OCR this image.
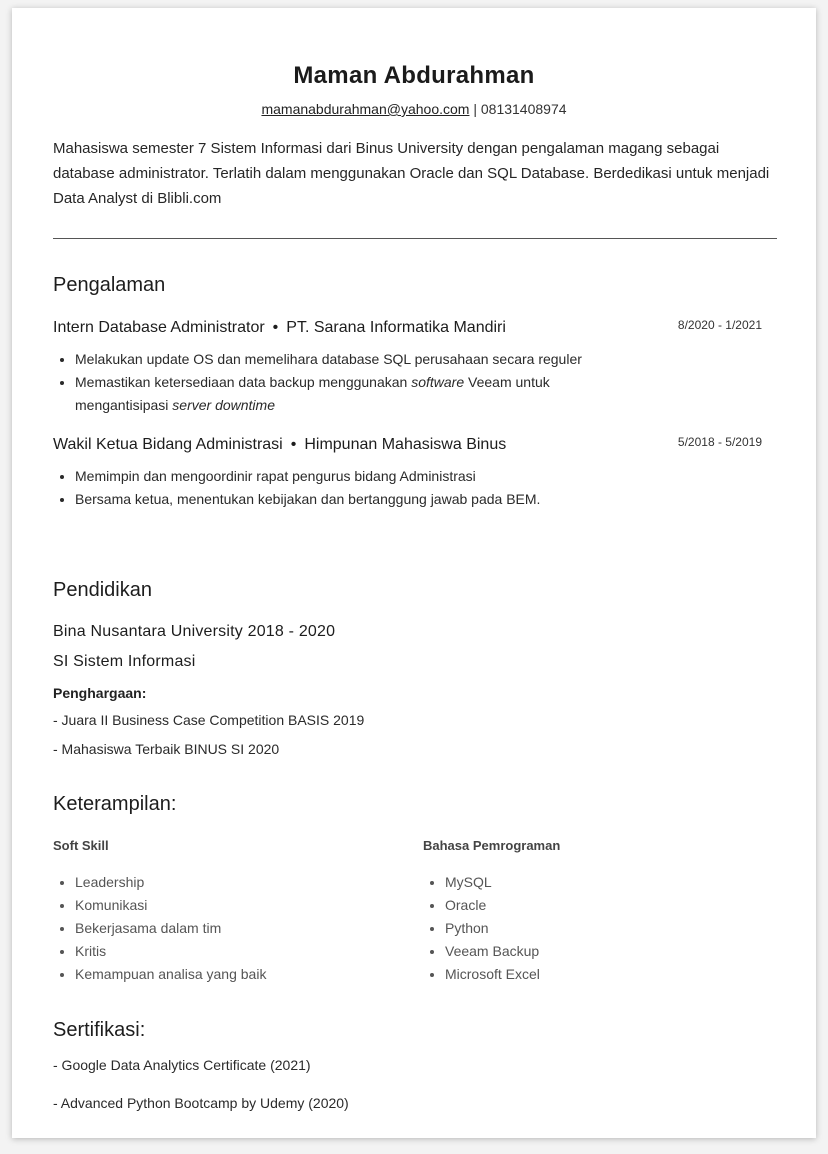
Maman Abdurahman
mamanabdurahman@yahoo.com | 08131408974
Mahasiswa semester 7 Sistem Informasi dari Binus University dengan pengalaman magang sebagai database administrator. Terlatih dalam menggunakan Oracle dan SQL Database. Berdedikasi untuk menjadi Data Analyst di Blibli.com
Pengalaman
Intern Database Administrator • PT. Sarana Informatika Mandiri	8/2020 - 1/2021
• Melakukan update OS dan memelihara database SQL perusahaan secara reguler
• Memastikan ketersediaan data backup menggunakan software Veeam untuk mengantisipasi server downtime
Wakil Ketua Bidang Administrasi • Himpunan Mahasiswa Binus	5/2018 - 5/2019
• Memimpin dan mengoordinir rapat pengurus bidang Administrasi
• Bersama ketua, menentukan kebijakan dan bertanggung jawab pada BEM.
Pendidikan
Bina Nusantara University 2018 - 2020
SI Sistem Informasi
Penghargaan:
- Juara II Business Case Competition BASIS 2019
- Mahasiswa Terbaik BINUS SI 2020
Keterampilan:
Soft Skill
• Leadership
• Komunikasi
• Bekerjasama dalam tim
• Kritis
• Kemampuan analisa yang baik
Bahasa Pemrograman
• MySQL
• Oracle
• Python
• Veeam Backup
• Microsoft Excel
Sertifikasi:
- Google Data Analytics Certificate (2021)
- Advanced Python Bootcamp by Udemy (2020)
